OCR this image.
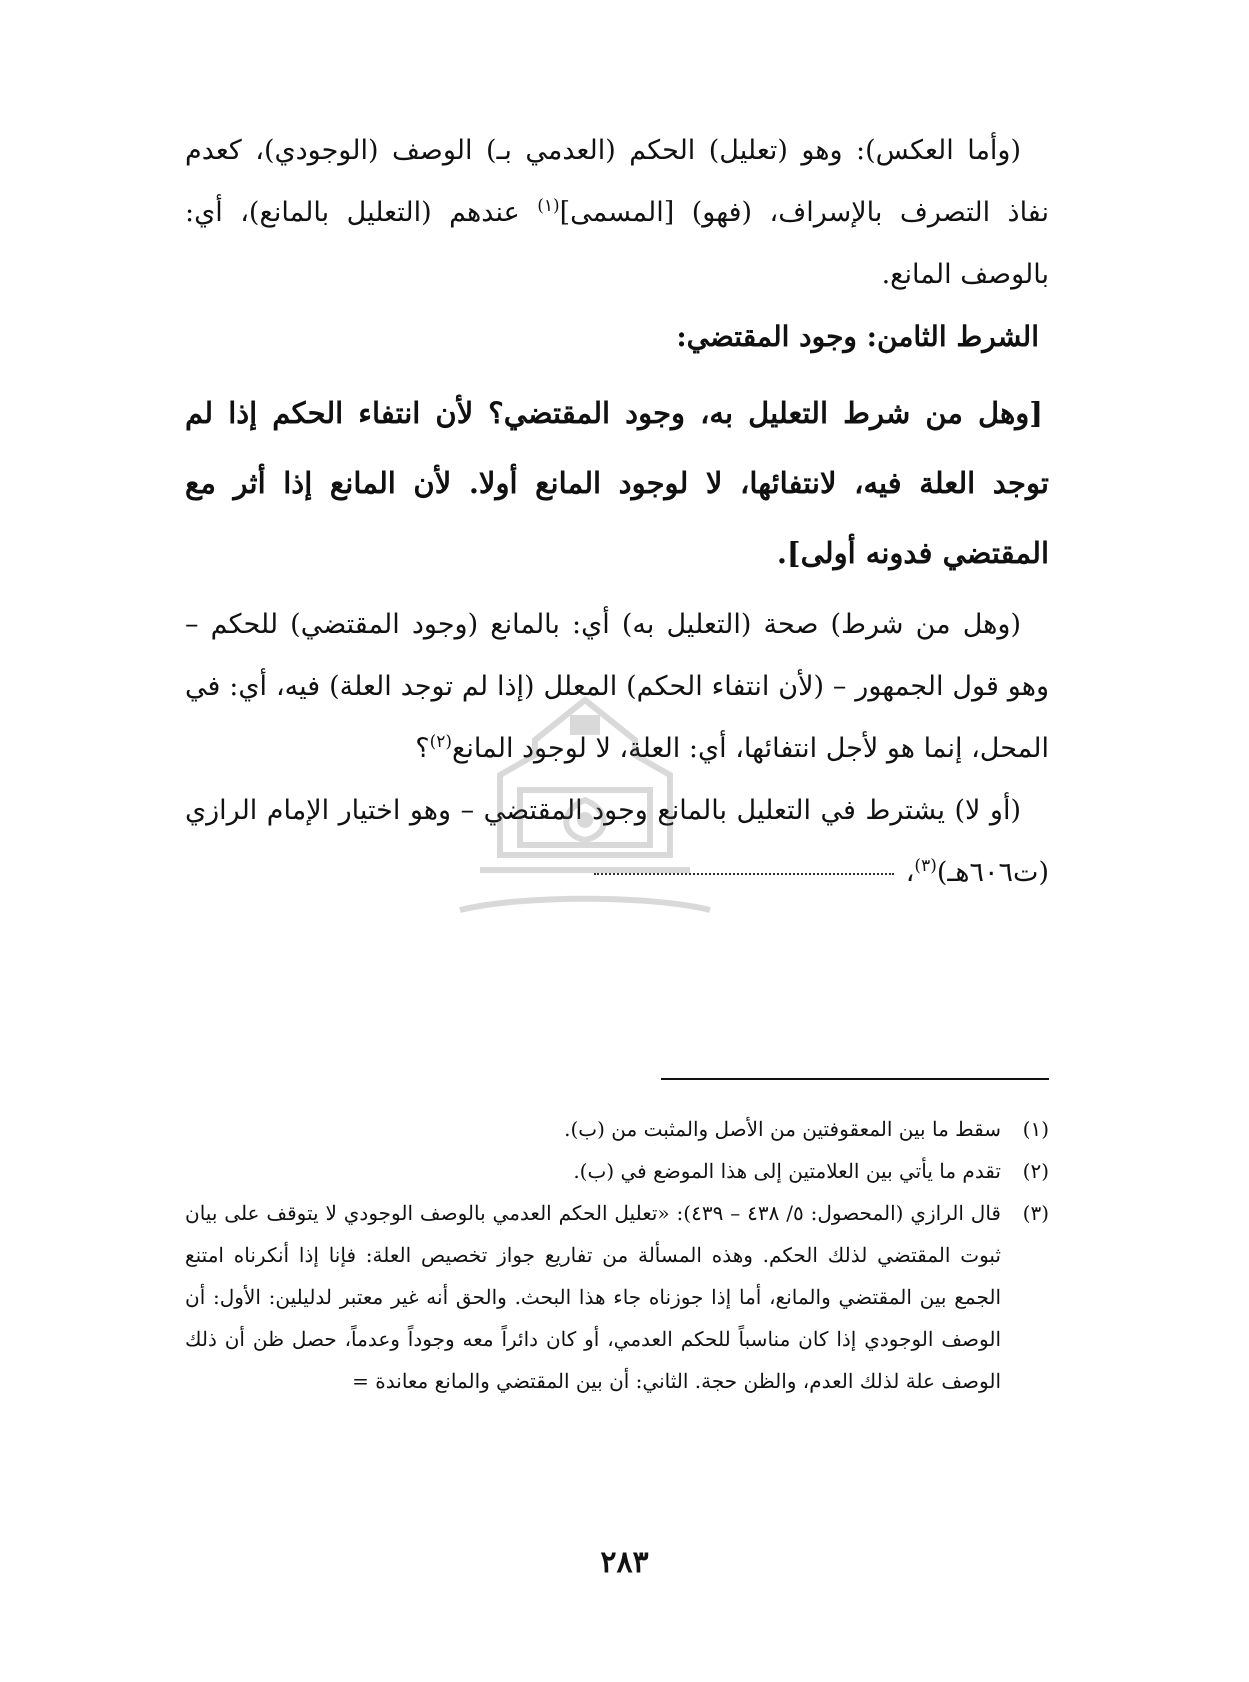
(وأما العكس): وهو (تعليل) الحكم (العدمي بـ) الوصف (الوجودي)، كعدم نفاذ التصرف بالإسراف، (فهو) [المسمى]$^{(١)}$ عندهم (التعليل بالمانع)، أي: بالوصف المانع.

الشرط الثامن: وجود المقتضي:

[وهل من شرط التعليل به، وجود المقتضي؟ لأن انتفاء الحكم إذا لم توجد العلة فيه، لانتفائها، لا لوجود المانع أولا. لأن المانع إذا أثر مع المقتضي فدونه أولى].

(وهل من شرط) صحة (التعليل به) أي: بالمانع (وجود المقتضي) للحكم – وهو قول الجمهور – (لأن انتفاء الحكم) المعلل (إذا لم توجد العلة) فيه، أي: في المحل، إنما هو لأجل انتفائها، أي: العلة، لا لوجود المانع$^{(٢)}$؟

(أو لا) يشترط في التعليل بالمانع وجود المقتضي – وهو اختيار الإمام الرازي (ت٦٠٦هـ)$^{(٣)}$،

(١)
سقط ما بين المعقوفتين من الأصل والمثبت من (ب).

(٢)
تقدم ما يأتي بين العلامتين إلى هذا الموضع في (ب).

(٣)
قال الرازي (المحصول: ٥/ ٤٣٨ – ٤٣٩): «تعليل الحكم العدمي بالوصف الوجودي لا يتوقف على بيان ثبوت المقتضي لذلك الحكم. وهذه المسألة من تفاريع جواز تخصيص العلة: فإنا إذا أنكرناه امتنع الجمع بين المقتضي والمانع، أما إذا جوزناه جاء هذا البحث. والحق أنه غير معتبر لدليلين: الأول: أن الوصف الوجودي إذا كان مناسباً للحكم العدمي، أو كان دائراً معه وجوداً وعدماً، حصل ظن أن ذلك الوصف علة لذلك العدم، والظن حجة. الثاني: أن بين المقتضي والمانع معاندة =

٢٨٣
